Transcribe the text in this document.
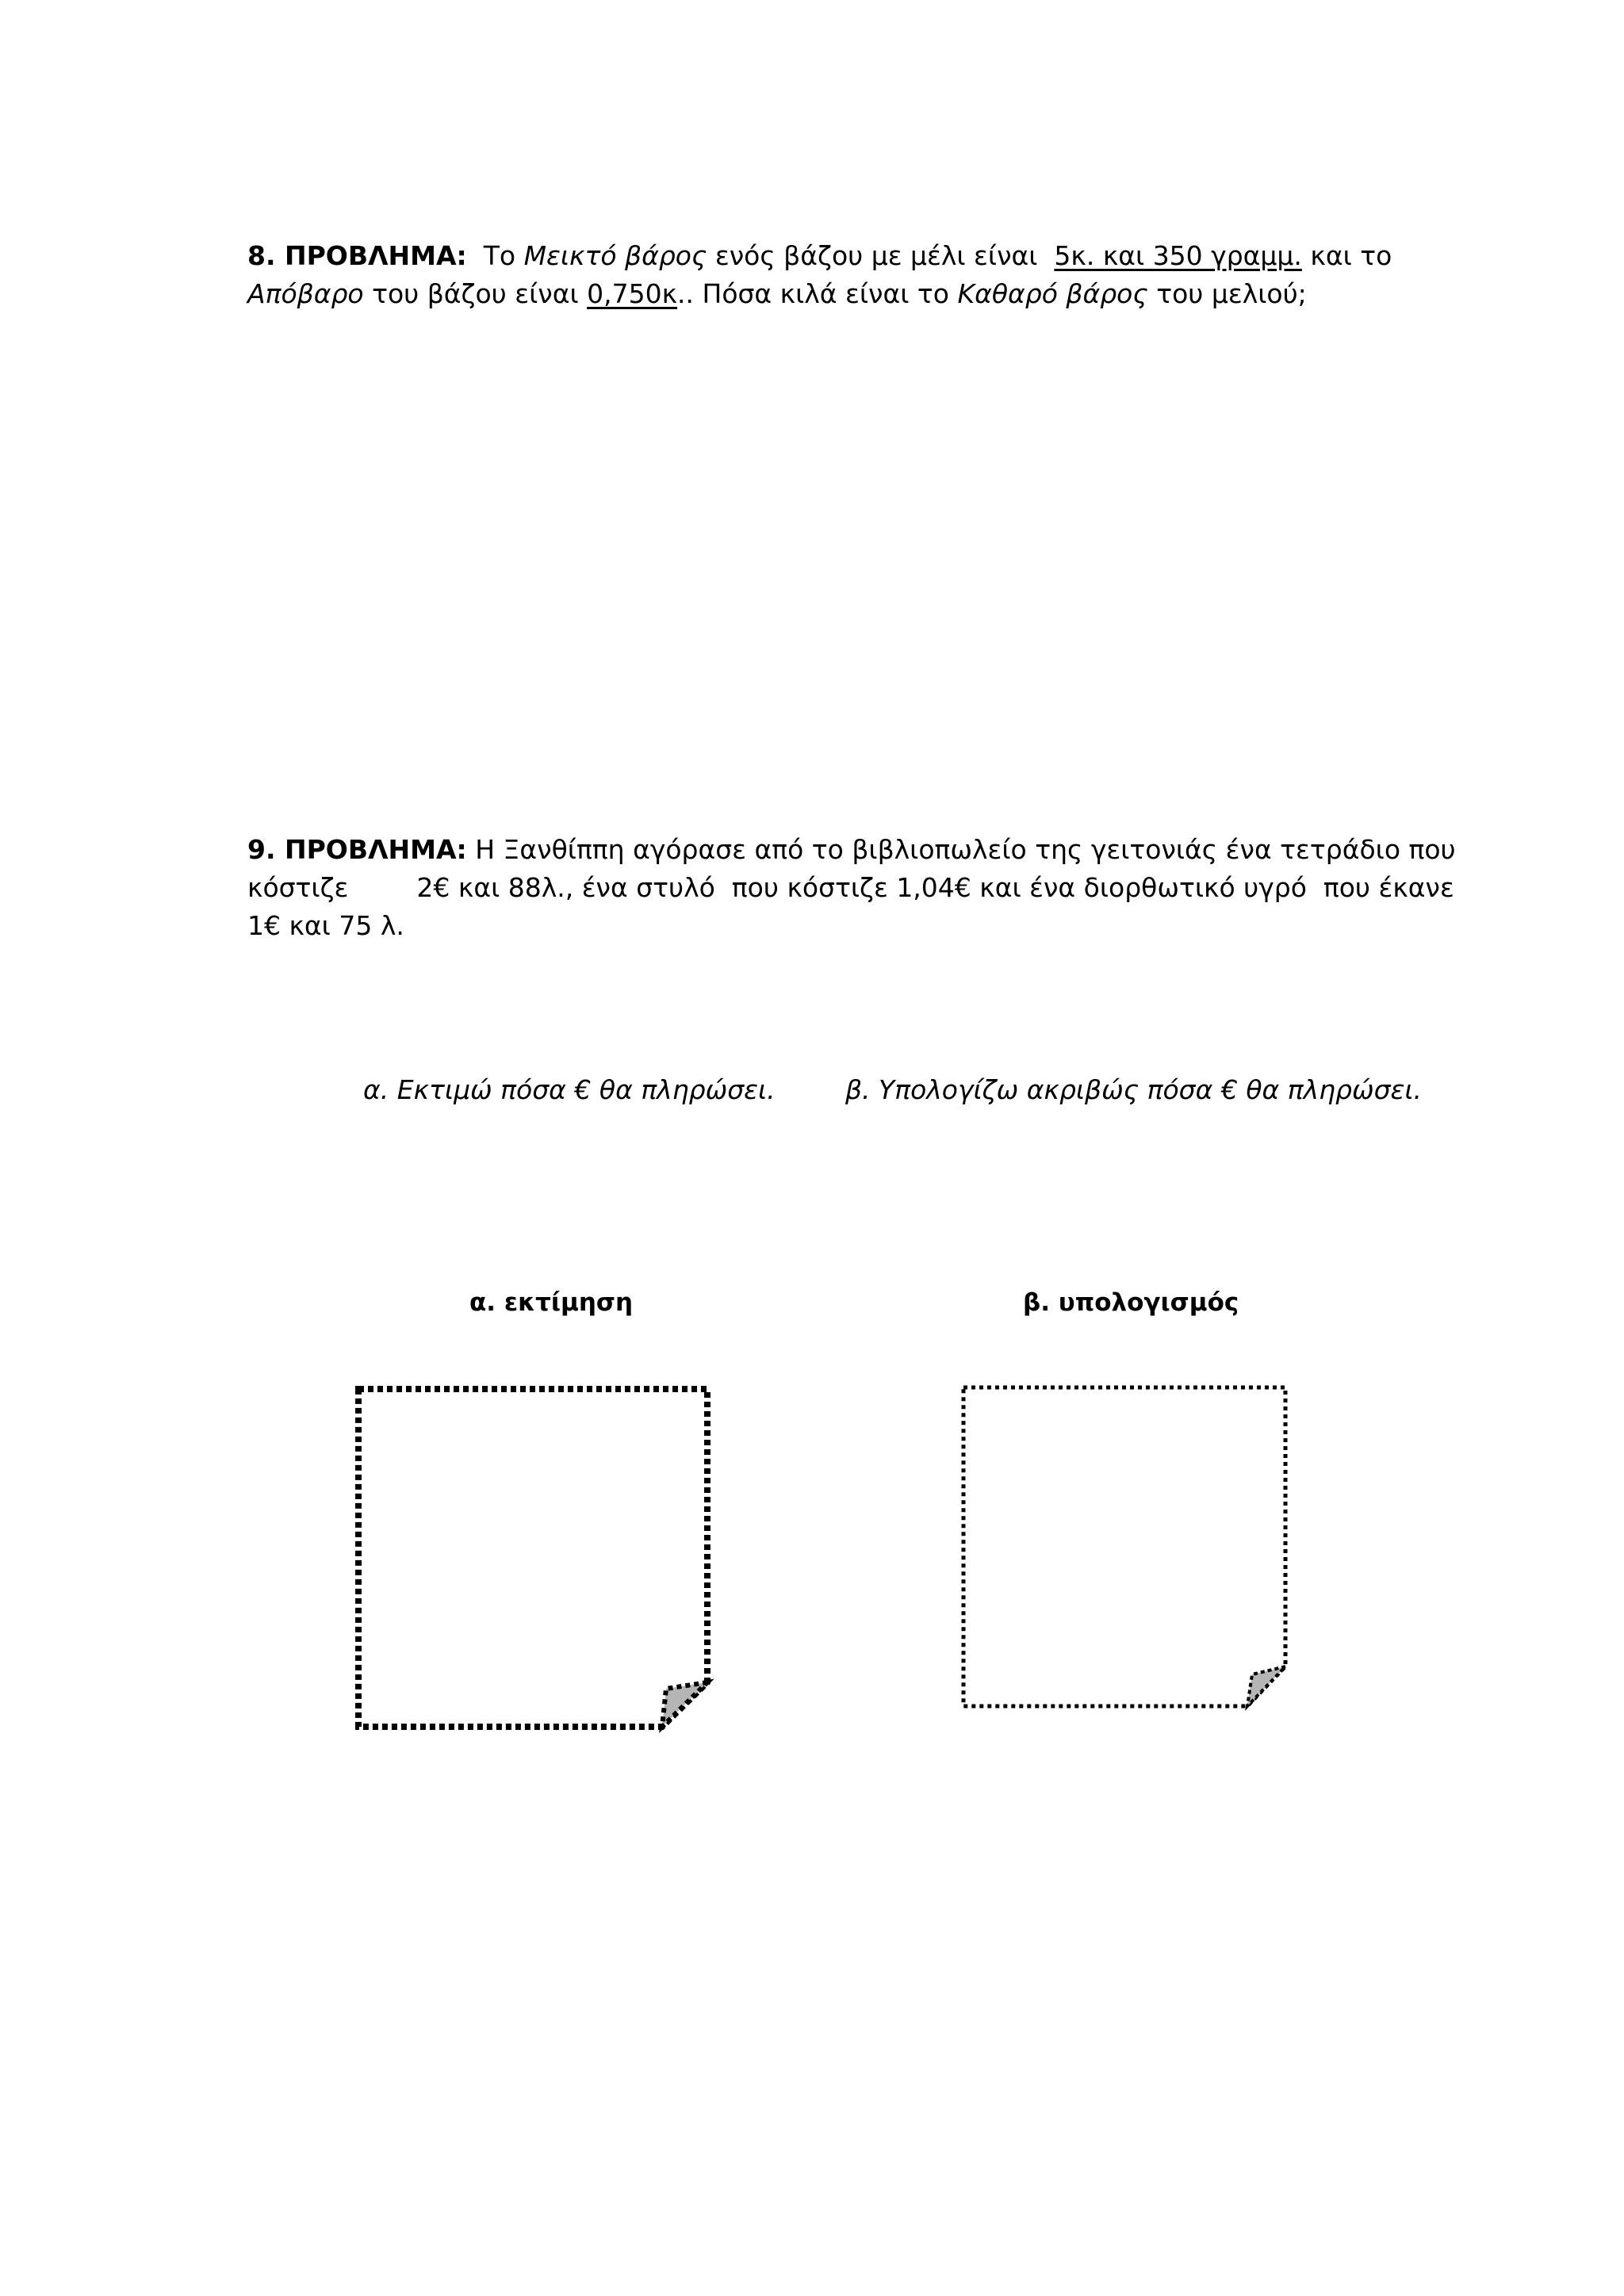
8. ΠΡΟΒΛΗΜΑ:  Το Μεικτό βάρος ενός βάζου με μέλι είναι  5κ. και 350 γραμμ. και το
Απόβαρο του βάζου είναι 0,750κ.. Πόσα κιλά είναι το Καθαρό βάρος του μελιού;
9. ΠΡΟΒΛΗΜΑ: Η Ξανθίππη αγόρασε από το βιβλιοπωλείο της γειτονιάς ένα τετράδιο που
κόστιζε	2€ και 88λ., ένα στυλό  που κόστιζε 1,04€ και ένα διορθωτικό υγρό  που έκανε
1€ και 75 λ.
α. Εκτιμώ πόσα € θα πληρώσει.	β. Υπολογίζω ακριβώς πόσα € θα πληρώσει.
α. εκτίμηση	β. υπολογισμός
